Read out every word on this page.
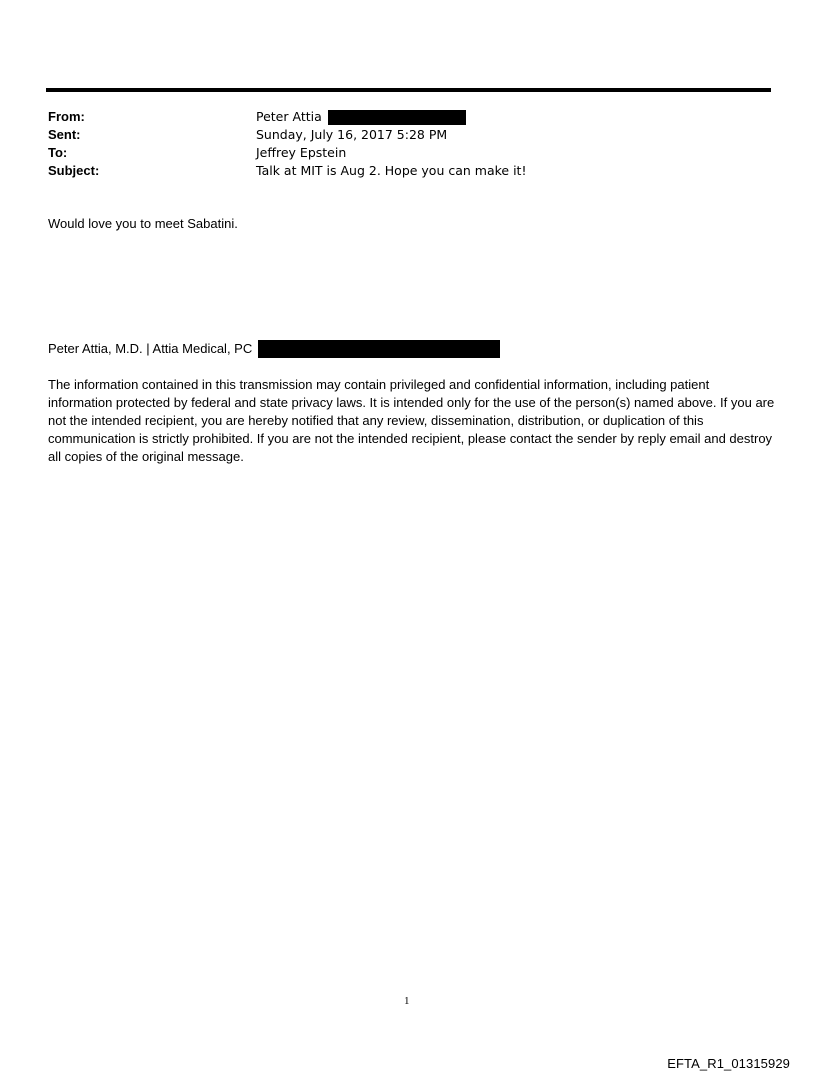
From:	Peter Attia
Sent:	Sunday, July 16, 2017 5:28 PM
To:	Jeffrey Epstein
Subject:	Talk at MIT is Aug 2. Hope you can make it!
Would love you to meet Sabatini.
Peter Attia, M.D. | Attia Medical, PC
The information contained in this transmission may contain privileged and confidential information, including patient information protected by federal and state privacy laws. It is intended only for the use of the person(s) named above. If you are not the intended recipient, you are hereby notified that any review, dissemination, distribution, or duplication of this communication is strictly prohibited. If you are not the intended recipient, please contact the sender by reply email and destroy all copies of the original message.
1
EFTA_R1_01315929
